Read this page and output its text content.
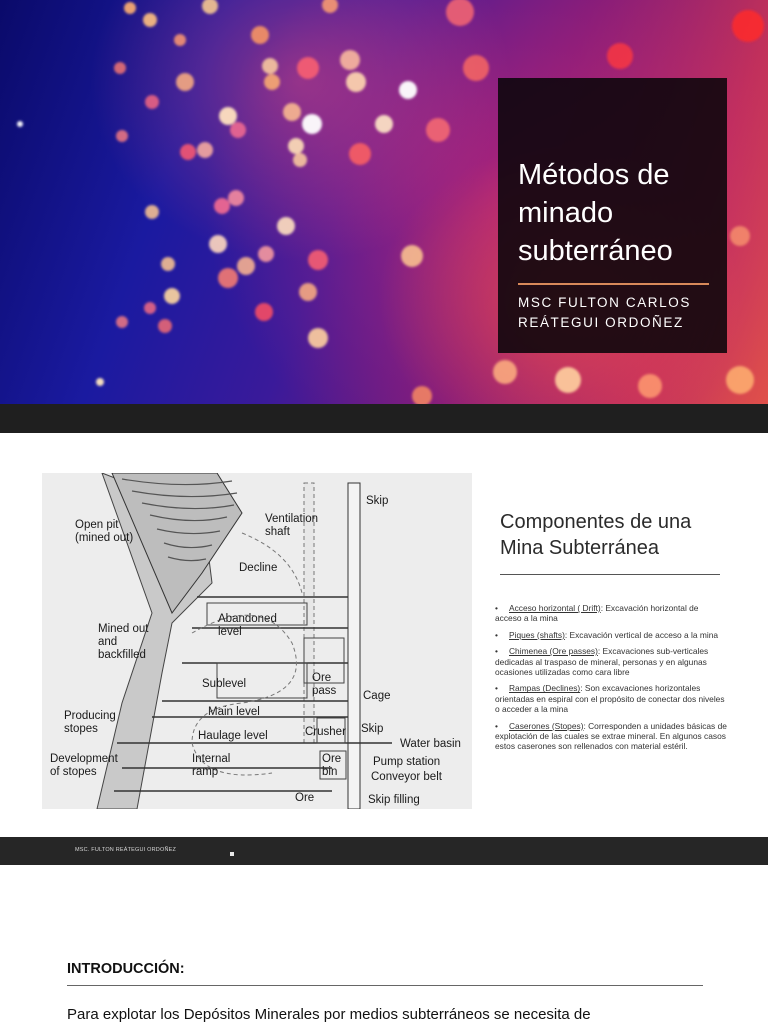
Métodos de minado subterráneo
MSC FULTON CARLOS REÁTEGUI ORDOÑEZ
Open pit
(mined out)
Ventilation
shaft
Skip
Decline
Abandoned
level
Mined out
and
backfilled
Sublevel	Ore
pass Cage
Producing
stopes
Main level
Haulage level	Crusher Skip
Water basin
Development
of stopes
Internal
ramp
Ore
bin
Pump station
Conveyor belt
Ore	Skip filling
Componentes de una
Mina Subterránea
• Acceso horizontal ( Drift): Excavación horizontal de acceso a la mina
• Piques (shafts): Excavación vertical de acceso a la mina
• Chimenea (Ore passes): Excavaciones sub-verticales dedicadas al traspaso de mineral, personas y en algunas ocasiones utilizadas como cara libre
• Rampas (Declines): Son excavaciones horizontales orientadas en espiral con el propósito de conectar dos niveles o acceder a la mina
• Caserones (Stopes): Corresponden a unidades básicas de explotación de las cuales se extrae mineral. En algunos casos estos caserones son rellenados con material estéril.
MSC. FULTON REÁTEGUI ORDOÑEZ
INTRODUCCIÓN:
Para explotar los Depósitos Minerales por medios subterráneos se necesita de
